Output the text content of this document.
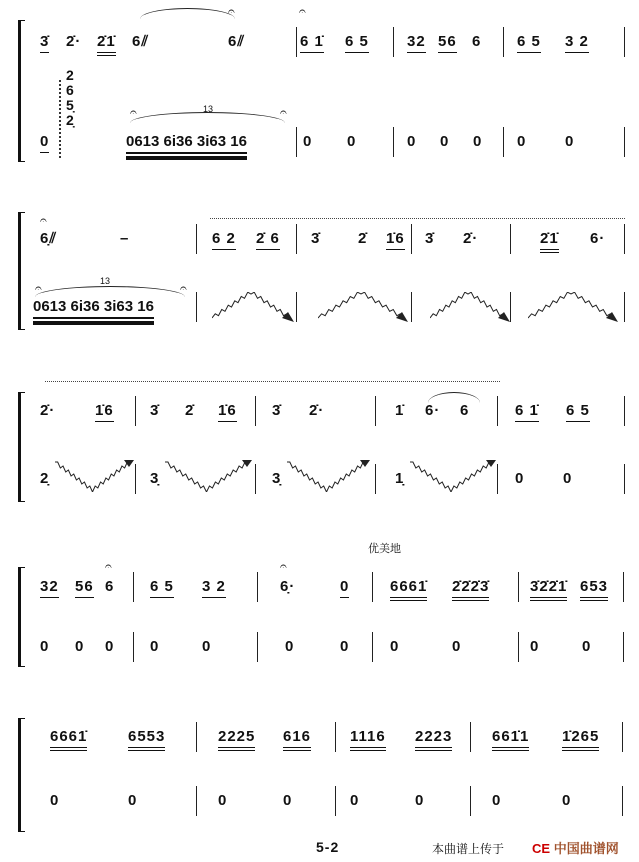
优美地
5-2	本曲谱上传于 CE 中国曲谱网
3̇ 2̇· 2̇1̇ 6⫽	6⫽	6 1̇ 6 5	32 56 6 6 5 3 2
0	0613 6i36 3i63 16	0 0	0 0 0 0	0
6̣⫽	–	6 2 2̇ 6 3̇	2̇ 1̇6 3̇ 2̇·	2̇1̇ 6·
0613 6i36 3i63 16
2̇·	1̇6 3̇ 2̇ 1̇6 3̇ 2̇·	1̇ 6· 6	6 1̇ 6 5
2̣	3̣	3̣	1̣	0	0
32 56 6 6 5 3 2	6̣·	0	6661̇ 2̇2̇2̇3̇	3̇2̇2̇1̇ 653
0 0 0 0	0	0	0	0	0	0	0
6661̇	6553	2225 616	1116 2223	661̇1 1̇265
0	0	0	0	0	0	0	0
2
6
5̣
2̣
𝄐	𝄐
𝄐	𝄐
𝄐
𝄐	𝄐
𝄐	𝄐
13
13
